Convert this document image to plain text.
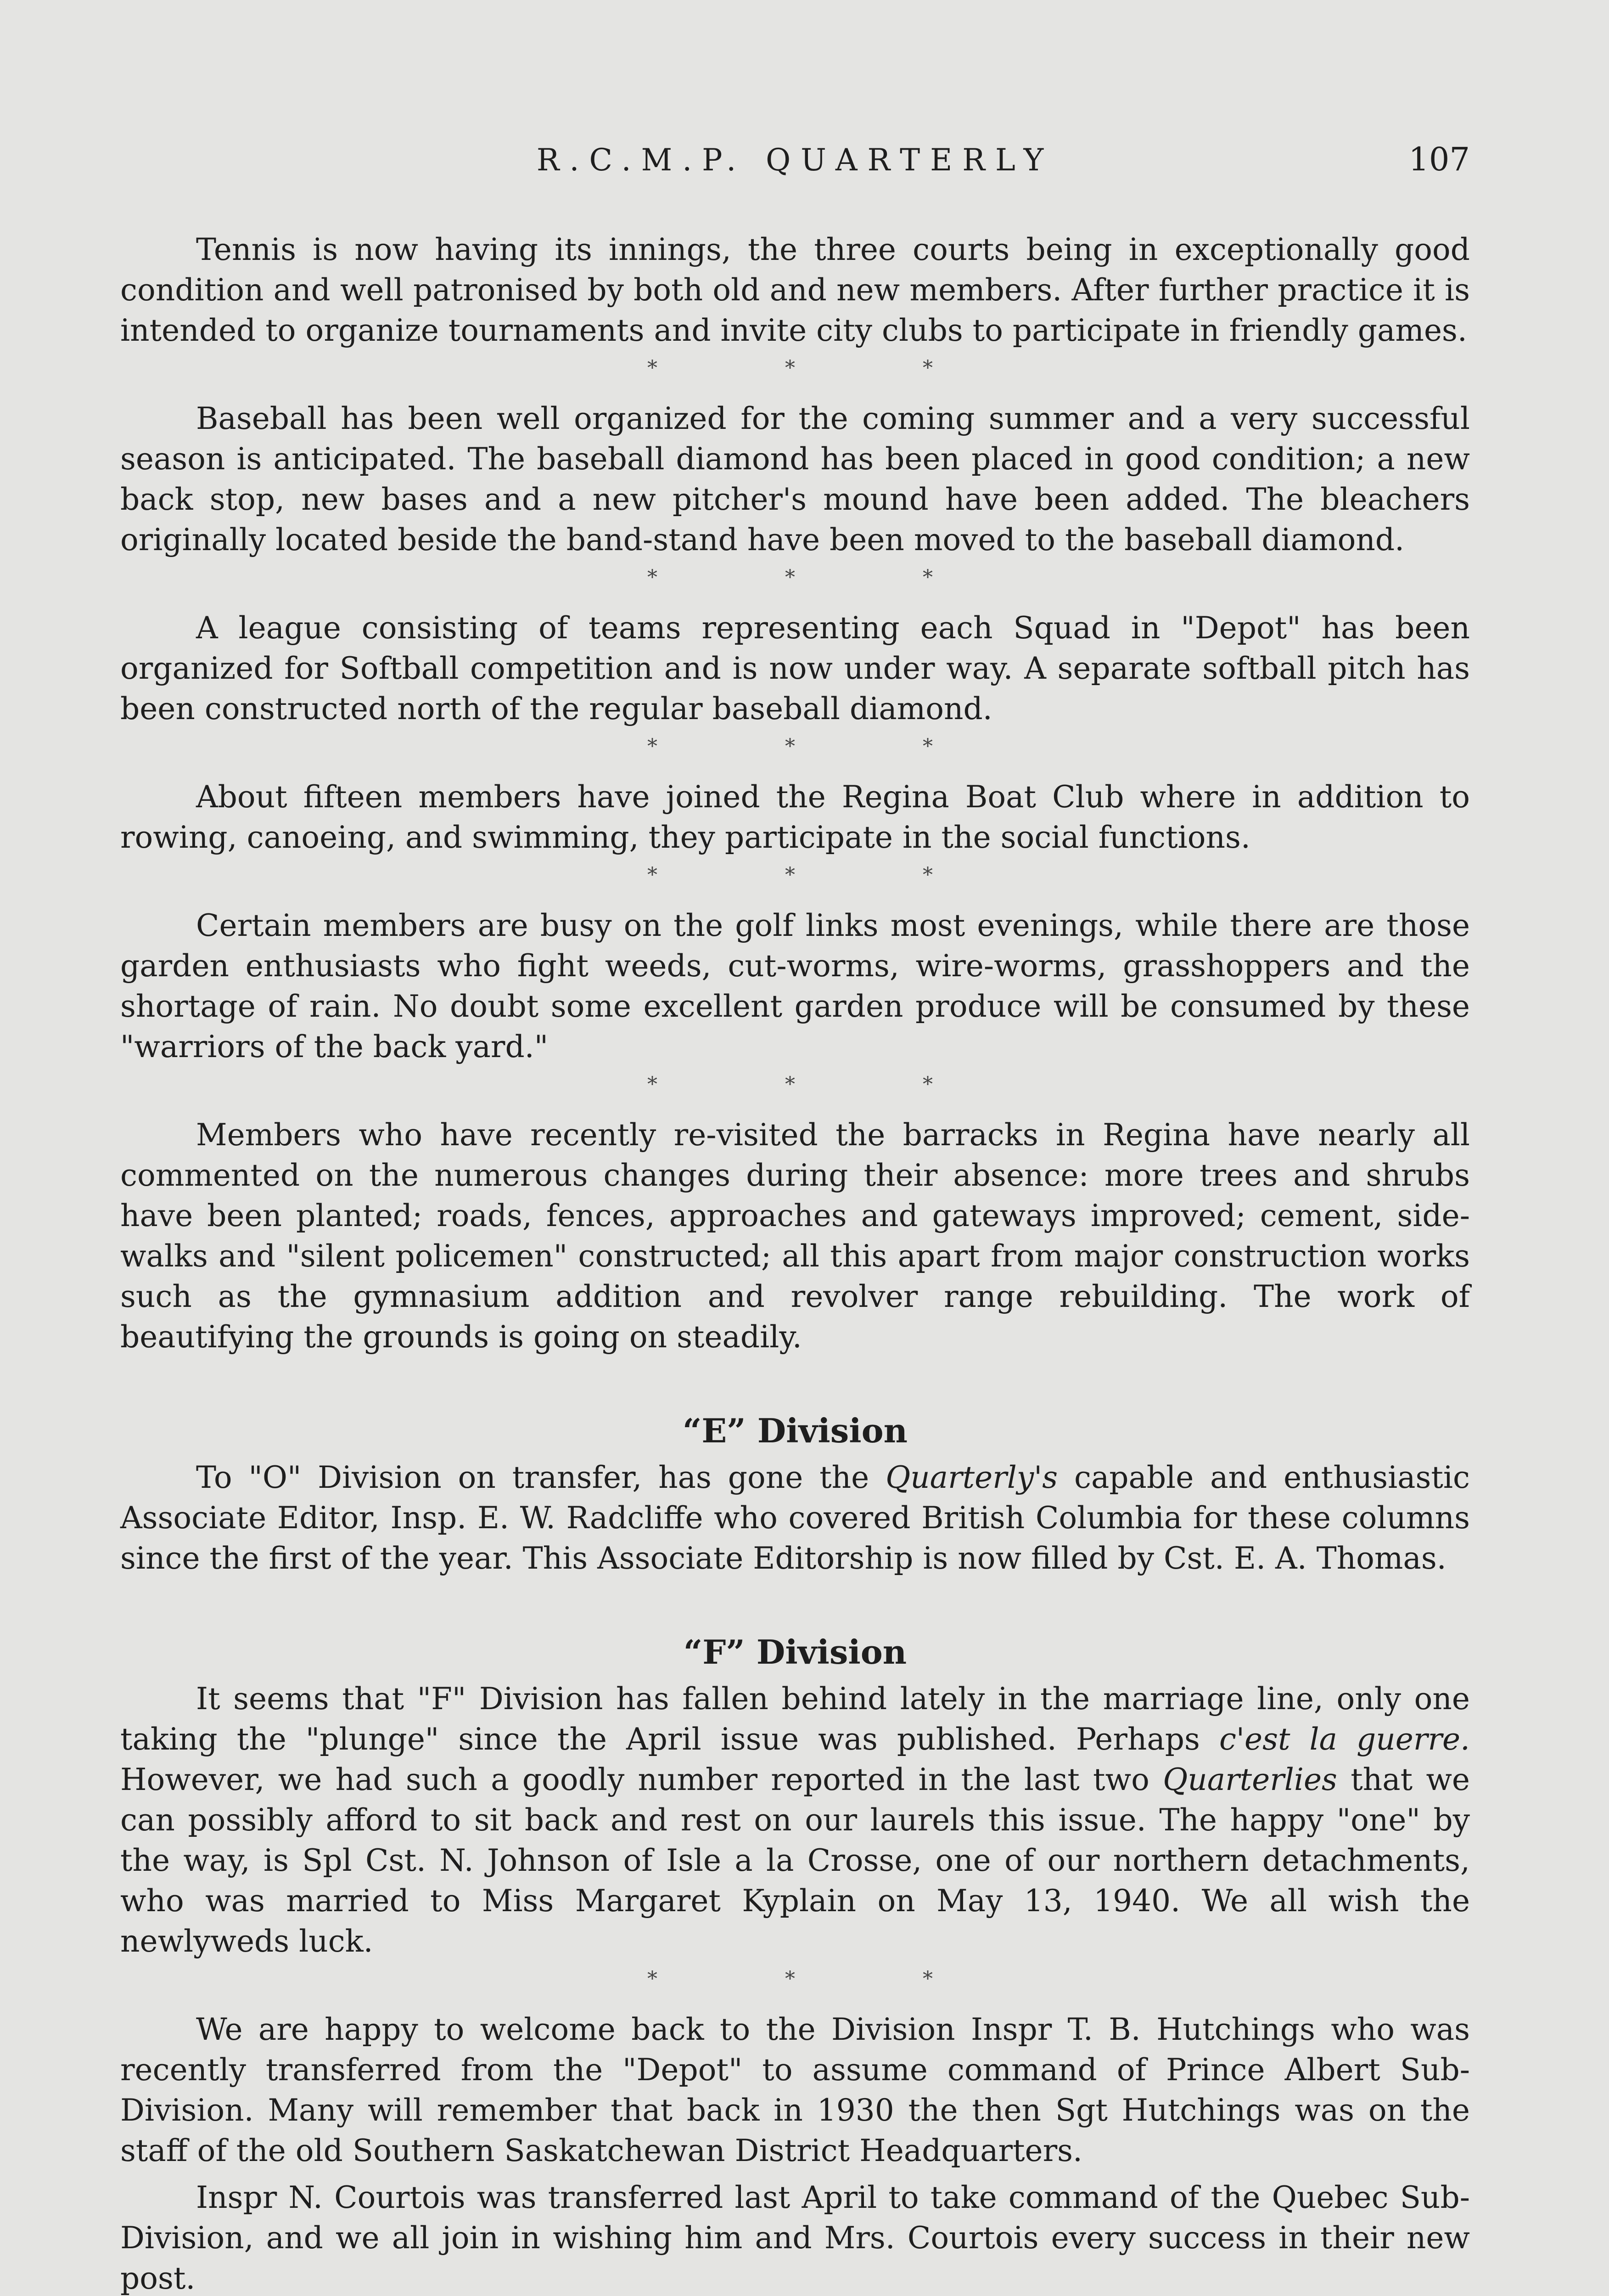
R.C.M.P. QUARTERLY	107

Tennis is now having its innings, the three courts being in exceptionally good condition and well patronised by both old and new members. After further practice it is intended to organize tournaments and invite city clubs to participate in friendly games.

*	*	*

Baseball has been well organized for the coming summer and a very successful season is anticipated. The baseball diamond has been placed in good condition; a new back stop, new bases and a new pitcher's mound have been added. The bleachers originally located beside the band-stand have been moved to the baseball diamond.

*	*	*

A league consisting of teams representing each Squad in "Depot" has been organized for Softball competition and is now under way. A separate softball pitch has been constructed north of the regular baseball diamond.

*	*	*

About fifteen members have joined the Regina Boat Club where in addition to rowing, canoeing, and swimming, they participate in the social functions.

*	*	*

Certain members are busy on the golf links most evenings, while there are those garden enthusiasts who fight weeds, cut-worms, wire-worms, grasshoppers and the shortage of rain. No doubt some excellent garden produce will be consumed by these "warriors of the back yard."

*	*	*

Members who have recently re-visited the barracks in Regina have nearly all commented on the numerous changes during their absence: more trees and shrubs have been planted; roads, fences, approaches and gateways improved; cement, side-walks and "silent policemen" constructed; all this apart from major construction works such as the gymnasium addition and revolver range rebuilding. The work of beautifying the grounds is going on steadily.

“E” Division

To "O" Division on transfer, has gone the Quarterly's capable and enthusiastic Associate Editor, Insp. E. W. Radcliffe who covered British Columbia for these columns since the first of the year. This Associate Editorship is now filled by Cst. E. A. Thomas.

“F” Division

It seems that "F" Division has fallen behind lately in the marriage line, only one taking the "plunge" since the April issue was published. Perhaps c'est la guerre. However, we had such a goodly number reported in the last two Quarterlies that we can possibly afford to sit back and rest on our laurels this issue. The happy "one" by the way, is Spl Cst. N. Johnson of Isle a la Crosse, one of our northern detachments, who was married to Miss Margaret Kyplain on May 13, 1940. We all wish the newlyweds luck.

*	*	*

We are happy to welcome back to the Division Inspr T. B. Hutchings who was recently transferred from the "Depot" to assume command of Prince Albert Sub-Division. Many will remember that back in 1930 the then Sgt Hutchings was on the staff of the old Southern Saskatchewan District Headquarters.

Inspr N. Courtois was transferred last April to take command of the Quebec Sub-Division, and we all join in wishing him and Mrs. Courtois every success in their new post.
